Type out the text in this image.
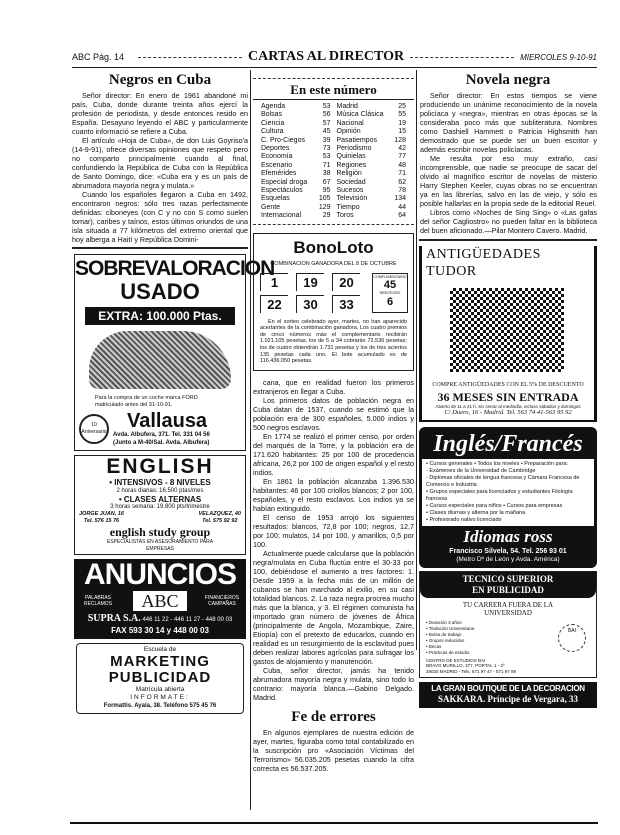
ABC Pág. 14	CARTAS AL DIRECTOR	MIERCOLES 9-10-91
Negros en Cuba

Señor director: En enero de 1961 abandoné mi país, Cuba, donde durante treinta años ejercí la profesión de periodista, y desde entonces resido en España. Desayuno leyendo el ABC y particularmente cuanto informació se refiere a Cuba.

El artículo «Hoja de Cuba», de don Luis Goyriso'a (14-9-91), ofrece diversas opiniones que respeto pero no comparto principalmente cuando al final, confundiendo la República de Cuba con la República de Santo Domingo, dice: «Cuba era y es un país de abrumadora mayoría negra y mulata.»

Cuando los españoles llegaron a Cuba en 1492, encontraron negros: sólo tres razas perfectamente definidas: ciboneyes (con C y no con S como suelen tomar), caribes y taínos, estos últimos oriundos de una isla situada a 77 kilómetros del extremo oriental que hoy alberga a Haití y República Domini-

SOBREVALORACION
USADO
EXTRA: 100.000 Ptas.
Para la compra de un coche marca FORD matriculado antes del 31-10-91.
10 Aniversario Vallausa
Avda. Albufera, 371. Tel. 331 04 56
(Junto a M-40/Sal. Avda. Albufera)
ENGLISH
• INTENSIVOS - 8 NIVELES
2 horas diarias: 16.500 ptas/mes
• CLASES ALTERNAS
3 horas semana: 19.800 pts/trimestre
JORGE JUAN, 16
Tel. 576 15 76
VELAZQUEZ, 40
Tel. 575 92 92
english study group
ESPECIALISTAS EN ASESORAMIENTO PARA EMPRESAS
ANUNCIOS
PALABRAS RECLAMOS	ABC	FINANCIEROS CAMPAÑAS
SUPRA S.A. 446 11 22 - 446 11 27 - 448 00 03
FAX 593 30 14 y 448 00 03
Escuela de
MARKETING
PUBLICIDAD
Matrícula abierta
INFORMATE:
Formattis. Ayala, 38. Teléfono 575 45 76
En este número
Agenda	53
Bolsas	56
Ciencia	57
Cultura	45
C. Pro-Ciegos	39
Deportes	73
Economía	53
Escenario	71
Efemérides	38
Especial droga 67
Espectáculos	95
Esquelas	105
Gente	129
Internacional	29
Madrid	25
Música Clásica 55
Nacional	19
Opinión	15
Pasatiempos 128
Periodismo	42
Quinielas	77
Regiones	48
Religión	71
Sociedad	62
Sucesos	78
Televisión	134
Tiempo	44
Toros	64
BonoLoto
COMBINACION GANADORA DEL 8 DE OCTUBRE
1	19	20
22	30	33
COMPLEMENTARIO
45
REINTEGRO
6
En el sorteo celebrado ayer, martes, no han aparecido acertantes de la combinación ganadora. Los cuatro premios de cinco números más el complementario recibirán 1.021.105 pesetas, los de 5 a 34 cobrarán 72.536 pesetas; los de cuatro obtendrán 1.731 pesetas y los de tres aciertos 135 pesetas cada uno. El bote acumulado es de 116.436.050 pesetas.

cana, que en realidad fueron los primeros extranjeros en llegar a Cuba.

Los primeros datos de población negra en Cuba datan de 1537, cuando se estimó que la población era de 300 españoles, 5.000 indios y 500 negros esclavos.

En 1774 se realizó el primer censo, por orden del marqués de la Torre, y la población era de 171.620 habitantes: 25 por 100 de procedencia africana, 26,2 por 100 de origen español y el resto indios.

En 1861 la población alcanzaba 1.396.530 habitantes: 46 por 100 criollos blancos; 2 por 100, españoles, y el resto esclavos. Los indios ya se habían extinguido.

El censo de 1953 arrojó los siguientes resultados: blancos, 72,8 por 100; negros, 12,7 por 100; mulatos, 14 por 100, y amarillos, 0,5 por 100.

Actualmente puede calcularse que la población negra/mulata en Cuba fluctúa entre el 30-33 por 100, debiéndose el aumento a tres factores: 1. Desde 1959 a la fecha más de un millón de cubanos se han marchado al exilio, en su casi totalidad blancos. 2. La raza negra procrea mucho más que la blanca, y 3. El régimen comunista ha importado gran número de jóvenes de África (principalmente de Angola, Mozambique, Zaire, Etiopía) con el pretexto de educarlos, cuando en realidad es un resurgimiento de la esclavitud pues deben realizar labores agrícolas para sufragar los gastos de alojamiento y manutención.

Cuba, señor director, jamás ha tenido abrumadora mayoría negra y mulata, sino todo lo contrario: mayoría blanca.—Gabino Delgado. Madrid.

Fe de errores

En algunos ejemplares de nuestra edición de ayer, martes, figuraba como total contabilizado en la suscripción pro «Asociación Víctimas del Terrorismo» 56.035.205 pesetas cuando la cifra correcta es 56.537.205.

Novela negra

Señor director: En estos tiempos se viene produciendo un unánime reconocimiento de la novela policíaca y «negra», mientras en otras épocas se la consideraba poco más que subliteratura. Nombres como Dashiell Hammett o Patricia Highsmith han demostrado que se puede ser un buen escritor y además escribir novelas policíacas.

Me resulta por eso muy extraño, casi incomprensible, que nadie se preocupe de sacar del olvido al magnífico escritor de novelas de misterio Harry Stephen Keeler, cuyas obras no se encuentran ya en las librerías, salvo en las de viejo, y sólo es posible hallarlas en la propia sede de la editorial Reuel.

Libros como «Noches de Sing Sing» o «Las gafas del señor Cagliostro» no pueden faltar en la biblioteca del buen aficionado.—Pilar Montero Cavero. Madrid.

ANTIGÜEDADES TUDOR
COMPRE ANTIGÜEDADES CON EL 5% DE DESCUENTO
36 MESES SIN ENTRADA
Abierto de 11 a 21 h. sin cerrar al mediodía, incluso sábados y domingos
C/ Duero, 16 - Madrid. Tel. 563 74 41-563 95 92
Inglés/Francés
• Cursos generales • Todos los niveles • Preparación para:
- Exámenes de la Universidad de Cambridge
- Diplomas oficiales de lengua francesa y Cámara Francesa de Comercio e Industria
• Grupos especiales para licenciados y estudiantes Filología francesa
• Cursos especiales para niños • Cursos para empresas
• Clases diurnas y alterna por la mañana
• Profesorado nativo licenciado
Idiomas ross
Francisco Silvela, 54. Tel. 256 93 01
(Metro Dª de León y Avda. América)
TECNICO SUPERIOR
EN PUBLICIDAD
TU CARRERA FUERA DE LA UNIVERSIDAD
• Duración 3 años
• Titulación Universitaria
• Bolsa de trabajo
• Grupos reducidos
• Becas
• Prácticas de estudio
BAI
CENTRO DE ESTUDIOS BAI
BRAVO MURILLO, 377. PORTAL 1 - 2º
28020 MADRID - Tels. 571 97 47 - 571 97 99
LA GRAN BOUTIQUE DE LA DECORACION
SAKKARA. Príncipe de Vergara, 33
